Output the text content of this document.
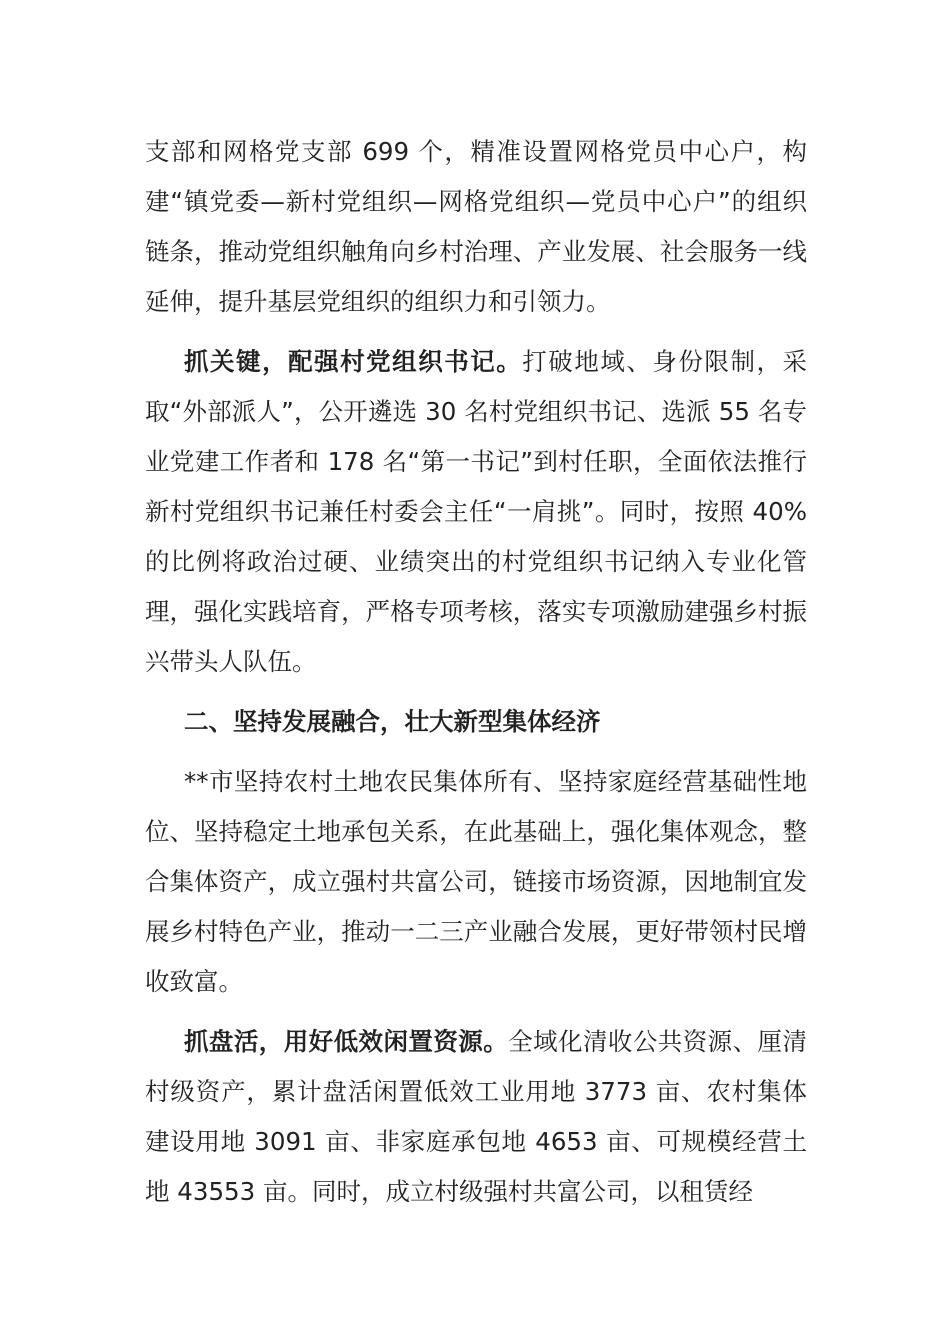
支部和网格党支部 699 个，精准设置网格党员中心户，构建“镇党委—新村党组织—网格党组织—党员中心户”的组织链条，推动党组织触角向乡村治理、产业发展、社会服务一线延伸，提升基层党组织的组织力和引领力。

抓关键，配强村党组织书记。打破地域、身份限制，采取“外部派人”，公开遴选 30 名村党组织书记、选派 55 名专业党建工作者和 178 名“第一书记”到村任职，全面依法推行新村党组织书记兼任村委会主任“一肩挑”。同时，按照 40%的比例将政治过硬、业绩突出的村党组织书记纳入专业化管理，强化实践培育，严格专项考核，落实专项激励建强乡村振兴带头人队伍。

二、坚持发展融合，壮大新型集体经济

**市坚持农村土地农民集体所有、坚持家庭经营基础性地位、坚持稳定土地承包关系，在此基础上，强化集体观念，整合集体资产，成立强村共富公司，链接市场资源，因地制宜发展乡村特色产业，推动一二三产业融合发展，更好带领村民增收致富。

抓盘活，用好低效闲置资源。全域化清收公共资源、厘清村级资产，累计盘活闲置低效工业用地 3773 亩、农村集体建设用地 3091 亩、非家庭承包地 4653 亩、可规模经营土地 43553 亩。同时，成立村级强村共富公司，以租赁经
